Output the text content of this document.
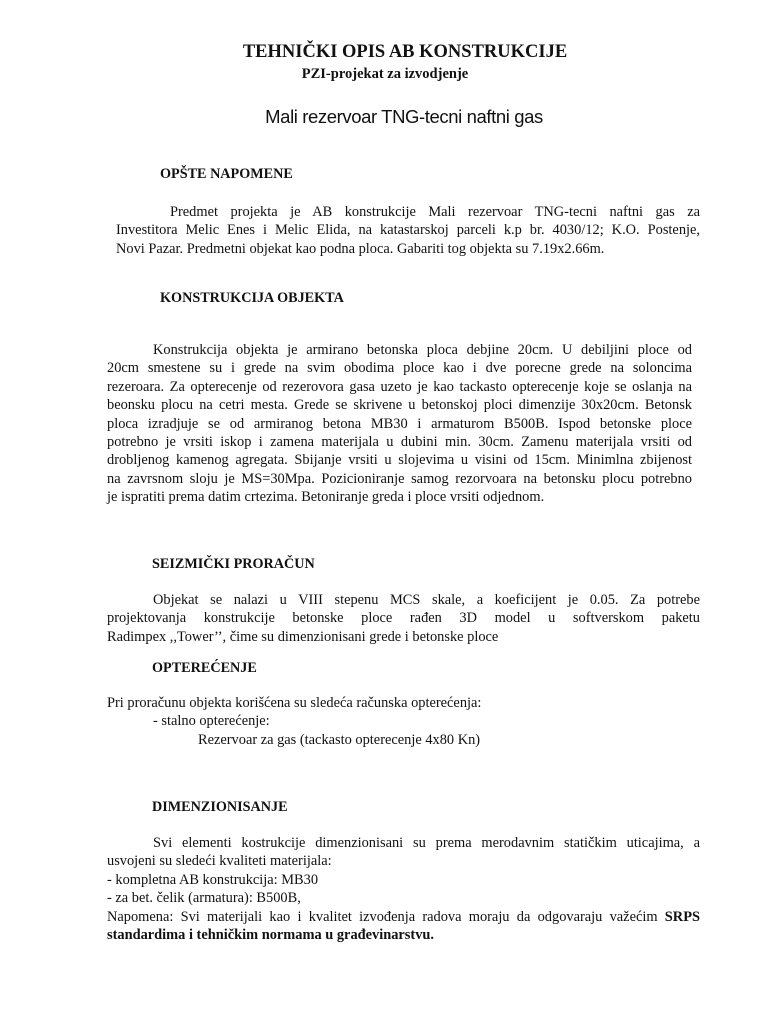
TEHNIČKI OPIS AB KONSTRUKCIJE
PZI-projekat za izvodjenje
Mali rezervoar TNG-tecni naftni gas
OPŠTE NAPOMENE

Predmet projekta je AB konstrukcije Mali rezervoar TNG-tecni naftni gas za

Investitora Melic Enes i Melic Elida, na katastarskoj parceli k.p br. 4030/12; K.O. Postenje,

Novi Pazar. Predmetni objekat kao podna ploca. Gabariti tog objekta su 7.19x2.66m.

KONSTRUKCIJA OBJEKTA

Konstrukcija objekta je armirano betonska ploca debjine 20cm. U debiljini ploce od

20cm smestene su i grede na svim obodima ploce kao i dve porecne grede na soloncima

rezeroara. Za opterecenje od rezerovora gasa uzeto je kao tackasto opterecenje koje se oslanja na

beonsku plocu na cetri mesta. Grede se skrivene u betonskoj ploci dimenzije 30x20cm. Betonsk

ploca izradjuje se od armiranog betona MB30 i armaturom B500B. Ispod betonske ploce

potrebno je vrsiti iskop i zamena materijala u dubini min. 30cm. Zamenu materijala vrsiti od

drobljenog kamenog agregata. Sbijanje vrsiti u slojevima u visini od 15cm. Minimlna zbijenost

na zavrsnom sloju je MS=30Mpa. Pozicioniranje samog rezorvoara na betonsku plocu potrebno

je ispratiti prema datim crtezima. Betoniranje greda i ploce vrsiti odjednom.

SEIZMIČKI PRORAČUN

Objekat se nalazi u VIII stepenu MCS skale, a koeficijent je 0.05. Za potrebe

projektovanja konstrukcije betonske ploce rađen 3D model u softverskom paketu

Radimpex ,,Tower’’, čime su dimenzionisani grede i betonske ploce

OPTEREĆENJE

Pri proračunu objekta korišćena su sledeća računska opterećenja:

- stalno opterećenje:

Rezervoar za gas (tackasto opterecenje 4x80 Kn)

DIMENZIONISANJE

Svi elementi kostrukcije dimenzionisani su prema merodavnim statičkim uticajima, a

usvojeni su sledeći kvaliteti materijala:

- kompletna AB konstrukcija: MB30

- za bet. čelik (armatura): B500B,

Napomena: Svi materijali kao i kvalitet izvođenja radova moraju da odgovaraju važećim SRPS

standardima i tehničkim normama u građevinarstvu.
